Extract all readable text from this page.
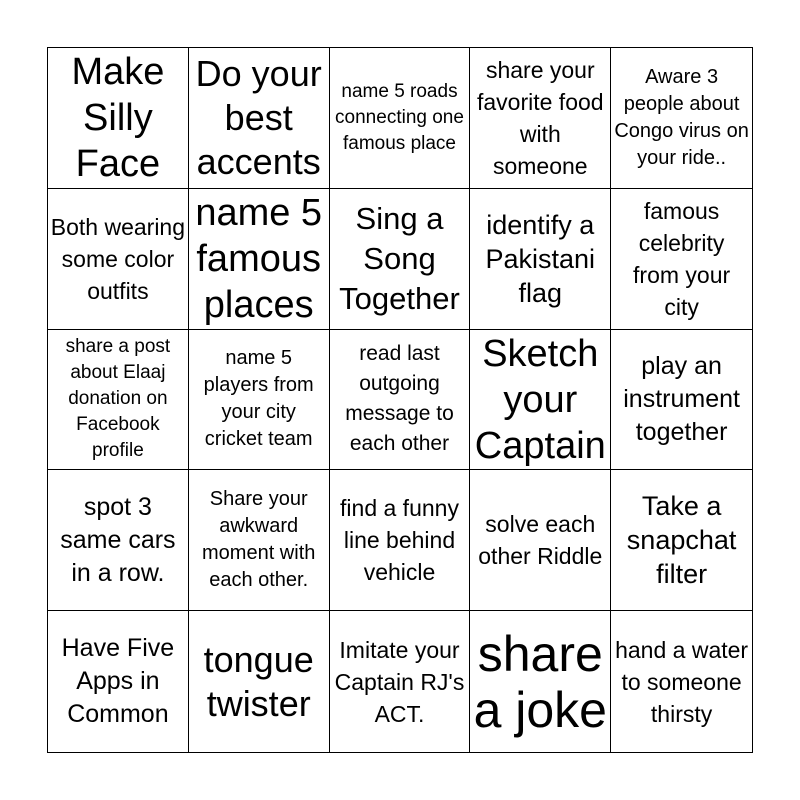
Make Silly Face
Do your best accents
name 5 roads connecting one famous place
share your favorite food with someone
Aware 3 people about Congo virus on your ride..
Both wearing some color outfits
name 5 famous places
Sing a Song Together
identify a Pakistani flag
famous celebrity from your city
share a post about Elaaj donation on Facebook profile
name 5 players from your city cricket team
read last outgoing message to each other
Sketch your Captain
play an instrument together
spot 3 same cars in a row.
Share your awkward moment with each other.
find a funny line behind vehicle
solve each other Riddle
Take a snapchat filter
Have Five Apps in Common
tongue twister
Imitate your Captain RJ's ACT.
share a joke
hand a water to someone thirsty
